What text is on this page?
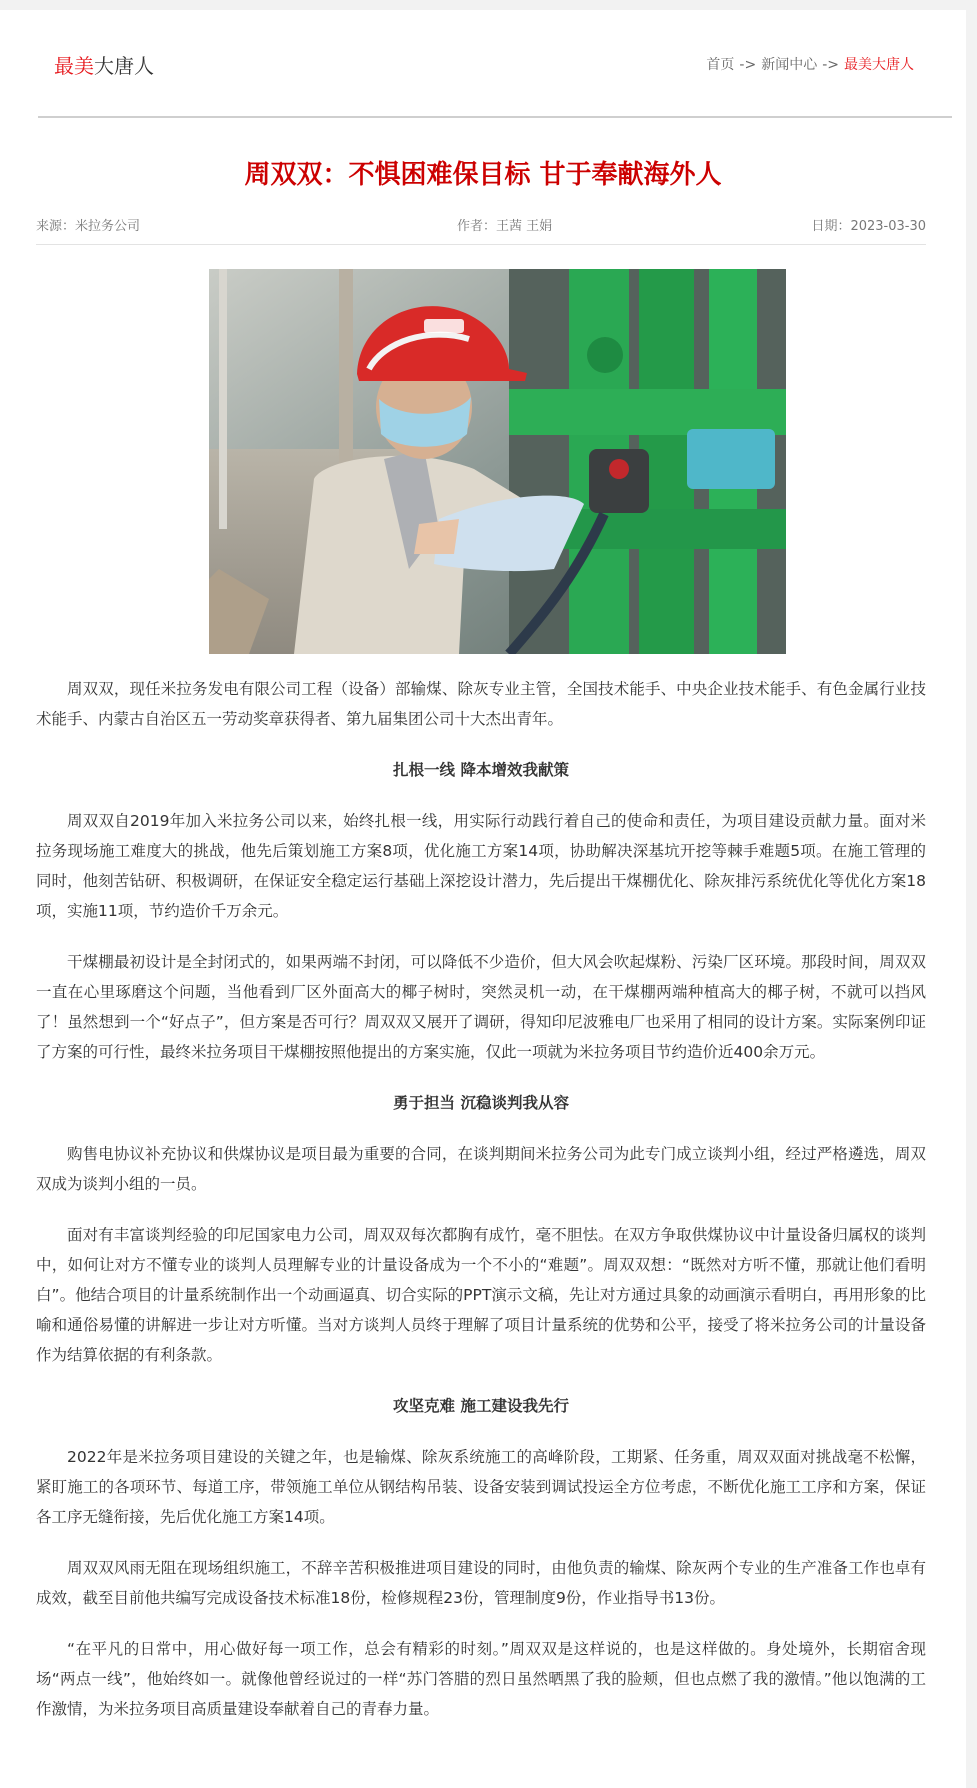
最美大唐人	首页 -> 新闻中心 -> 最美大唐人
周双双：不惧困难保目标 甘于奉献海外人
来源：米拉务公司	作者：王茜 王娟	日期：2023-03-30

周双双，现任米拉务发电有限公司工程（设备）部输煤、除灰专业主管，全国技术能手、中央企业技术能手、有色金属行业技术能手、内蒙古自治区五一劳动奖章获得者、第九届集团公司十大杰出青年。

扎根一线 降本增效我献策

周双双自2019年加入米拉务公司以来，始终扎根一线，用实际行动践行着自己的使命和责任，为项目建设贡献力量。面对米拉务现场施工难度大的挑战，他先后策划施工方案8项，优化施工方案14项，协助解决深基坑开挖等棘手难题5项。在施工管理的同时，他刻苦钻研、积极调研，在保证安全稳定运行基础上深挖设计潜力，先后提出干煤棚优化、除灰排污系统优化等优化方案18项，实施11项，节约造价千万余元。

干煤棚最初设计是全封闭式的，如果两端不封闭，可以降低不少造价，但大风会吹起煤粉、污染厂区环境。那段时间，周双双一直在心里琢磨这个问题，当他看到厂区外面高大的椰子树时，突然灵机一动，在干煤棚两端种植高大的椰子树，不就可以挡风了！虽然想到一个“好点子”，但方案是否可行？周双双又展开了调研，得知印尼波雅电厂也采用了相同的设计方案。实际案例印证了方案的可行性，最终米拉务项目干煤棚按照他提出的方案实施，仅此一项就为米拉务项目节约造价近400余万元。

勇于担当 沉稳谈判我从容

购售电协议补充协议和供煤协议是项目最为重要的合同，在谈判期间米拉务公司为此专门成立谈判小组，经过严格遴选，周双双成为谈判小组的一员。

面对有丰富谈判经验的印尼国家电力公司，周双双每次都胸有成竹，毫不胆怯。在双方争取供煤协议中计量设备归属权的谈判中，如何让对方不懂专业的谈判人员理解专业的计量设备成为一个不小的“难题”。周双双想：“既然对方听不懂，那就让他们看明白”。他结合项目的计量系统制作出一个动画逼真、切合实际的PPT演示文稿，先让对方通过具象的动画演示看明白，再用形象的比喻和通俗易懂的讲解进一步让对方听懂。当对方谈判人员终于理解了项目计量系统的优势和公平，接受了将米拉务公司的计量设备作为结算依据的有利条款。

攻坚克难 施工建设我先行

2022年是米拉务项目建设的关键之年，也是输煤、除灰系统施工的高峰阶段，工期紧、任务重，周双双面对挑战毫不松懈，紧盯施工的各项环节、每道工序，带领施工单位从钢结构吊装、设备安装到调试投运全方位考虑，不断优化施工工序和方案，保证各工序无缝衔接，先后优化施工方案14项。

周双双风雨无阻在现场组织施工，不辞辛苦积极推进项目建设的同时，由他负责的输煤、除灰两个专业的生产准备工作也卓有成效，截至目前他共编写完成设备技术标准18份，检修规程23份，管理制度9份，作业指导书13份。

“在平凡的日常中，用心做好每一项工作，总会有精彩的时刻。”周双双是这样说的，也是这样做的。身处境外，长期宿舍现场“两点一线”，他始终如一。就像他曾经说过的一样“苏门答腊的烈日虽然晒黑了我的脸颊，但也点燃了我的激情。”他以饱满的工作激情，为米拉务项目高质量建设奉献着自己的青春力量。
